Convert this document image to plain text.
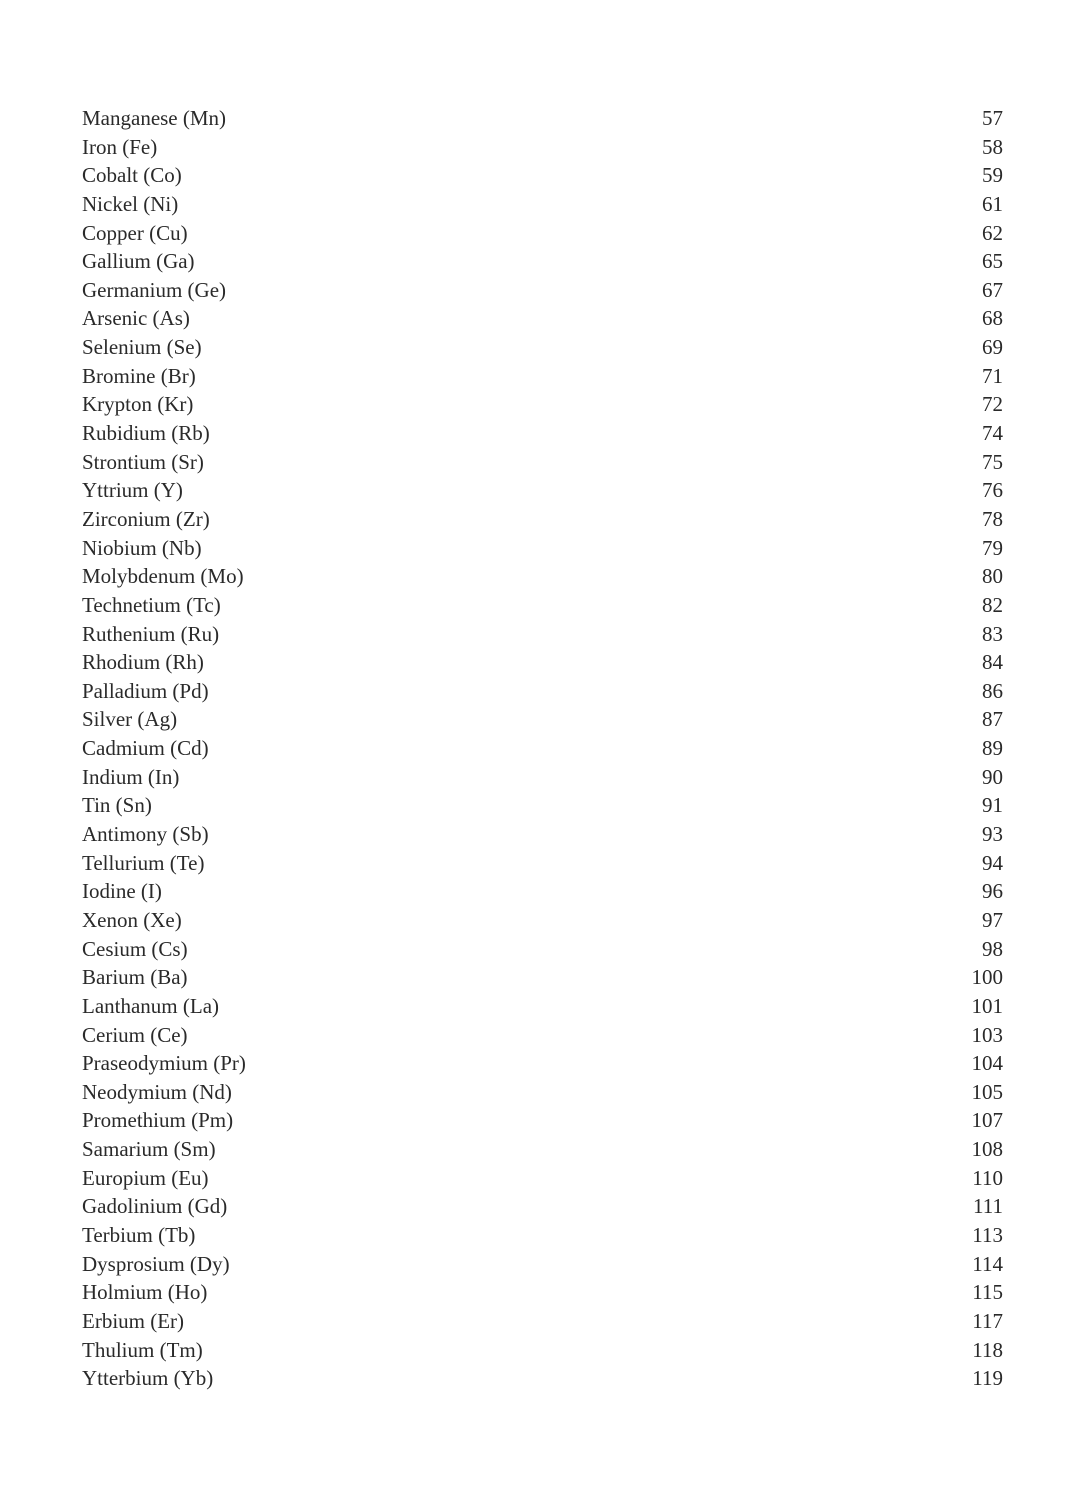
Manganese (Mn)	57
Iron (Fe)	58
Cobalt (Co)	59
Nickel (Ni)	61
Copper (Cu)	62
Gallium (Ga)	65
Germanium (Ge)	67
Arsenic (As)	68
Selenium (Se)	69
Bromine (Br)	71
Krypton (Kr)	72
Rubidium (Rb)	74
Strontium (Sr)	75
Yttrium (Y)	76
Zirconium (Zr)	78
Niobium (Nb)	79
Molybdenum (Mo)	80
Technetium (Tc)	82
Ruthenium (Ru)	83
Rhodium (Rh)	84
Palladium (Pd)	86
Silver (Ag)	87
Cadmium (Cd)	89
Indium (In)	90
Tin (Sn)	91
Antimony (Sb)	93
Tellurium (Te)	94
Iodine (I)	96
Xenon (Xe)	97
Cesium (Cs)	98
Barium (Ba)	100
Lanthanum (La)	101
Cerium (Ce)	103
Praseodymium (Pr)	104
Neodymium (Nd)	105
Promethium (Pm)	107
Samarium (Sm)	108
Europium (Eu)	110
Gadolinium (Gd)	111
Terbium (Tb)	113
Dysprosium (Dy)	114
Holmium (Ho)	115
Erbium (Er)	117
Thulium (Tm)	118
Ytterbium (Yb)	119
